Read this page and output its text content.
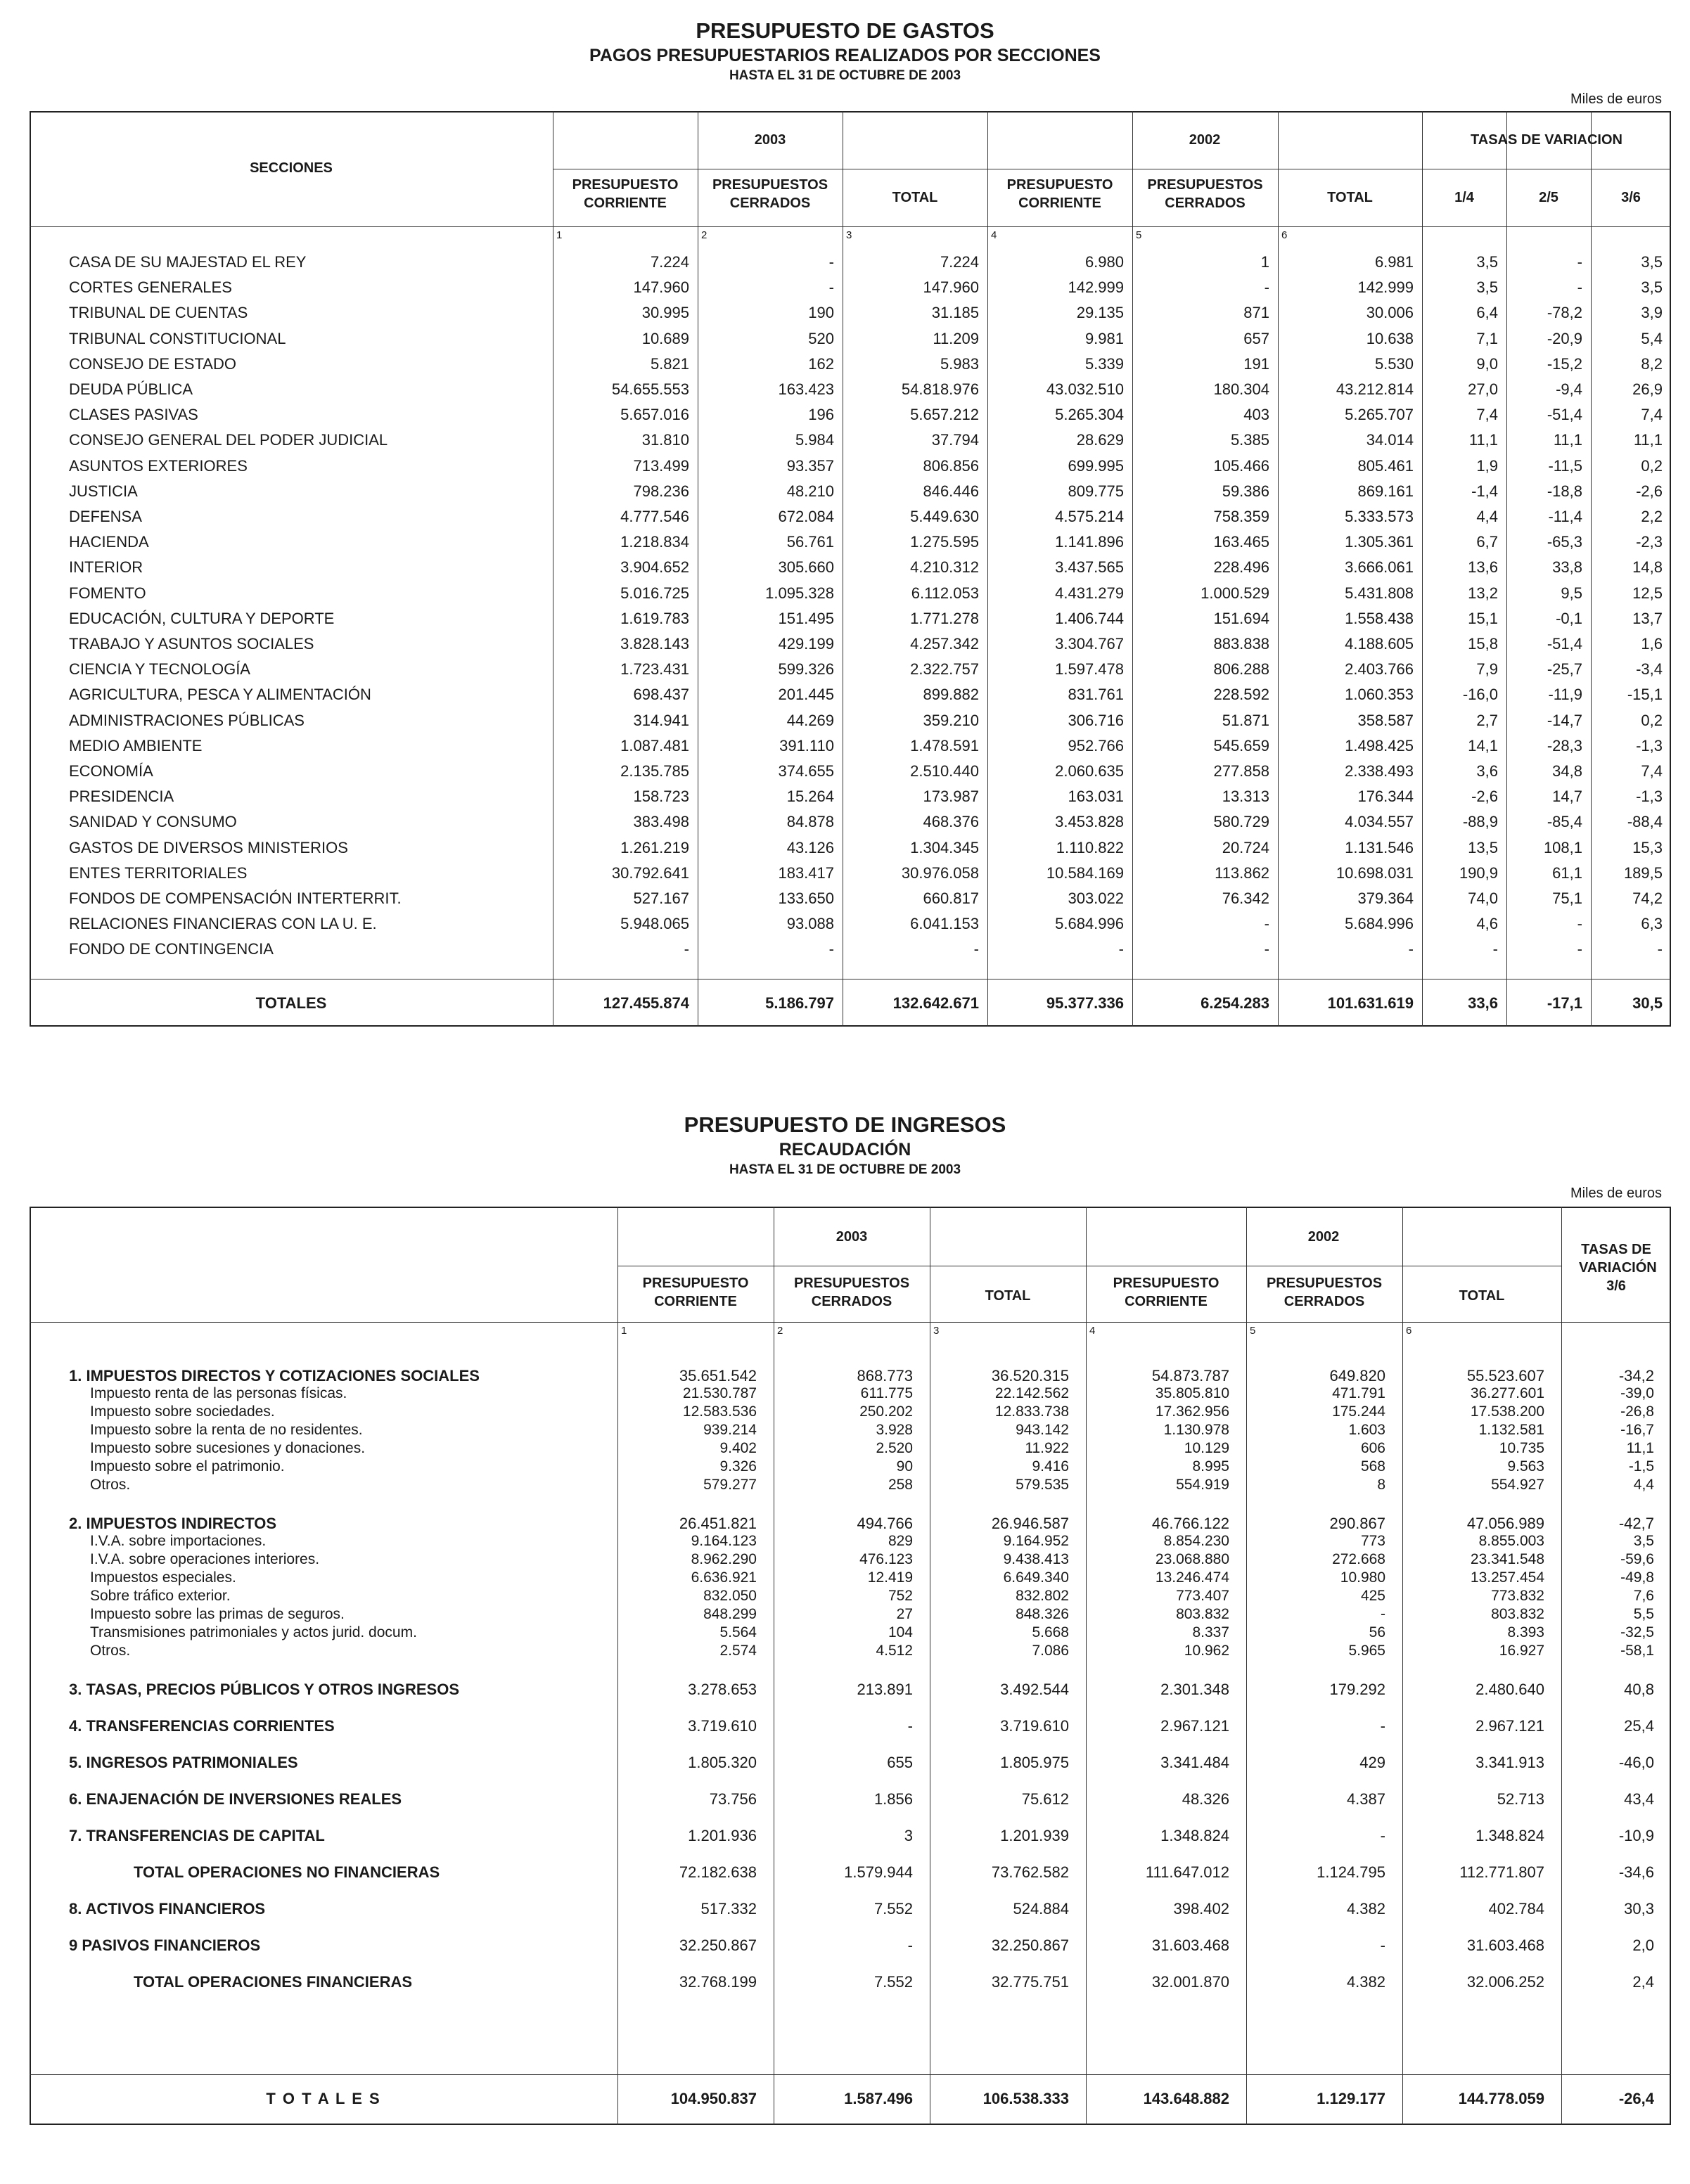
PRESUPUESTO DE GASTOS
PAGOS PRESUPUESTARIOS REALIZADOS POR SECCIONES
HASTA EL 31 DE OCTUBRE DE 2003
Miles de euros
SECCIONES
2003	2002	TASAS DE VARIACION
PRESUPUESTO CORRIENTE
PRESUPUESTOS CERRADOS	TOTAL
PRESUPUESTO CORRIENTE
PRESUPUESTOS CERRADOS	TOTAL	1/4	2/5	3/6
1	2	3	4	5	6
CASA DE SU MAJESTAD EL REY	7.224	-	7.224	6.980	1	6.981	3,5	-	3,5
CORTES GENERALES	147.960	-	147.960	142.999	-	142.999	3,5	-	3,5
TRIBUNAL DE CUENTAS	30.995	190	31.185	29.135	871	30.006	6,4	-78,2	3,9
TRIBUNAL CONSTITUCIONAL	10.689	520	11.209	9.981	657	10.638	7,1	-20,9	5,4
CONSEJO DE ESTADO	5.821	162	5.983	5.339	191	5.530	9,0	-15,2	8,2
DEUDA PÚBLICA	54.655.553	163.423	54.818.976	43.032.510	180.304	43.212.814	27,0	-9,4	26,9
CLASES PASIVAS	5.657.016	196	5.657.212	5.265.304	403	5.265.707	7,4	-51,4	7,4
CONSEJO GENERAL DEL PODER JUDICIAL	31.810	5.984	37.794	28.629	5.385	34.014	11,1	11,1	11,1
ASUNTOS EXTERIORES	713.499	93.357	806.856	699.995	105.466	805.461	1,9	-11,5	0,2
JUSTICIA	798.236	48.210	846.446	809.775	59.386	869.161	-1,4	-18,8	-2,6
DEFENSA	4.777.546	672.084	5.449.630	4.575.214	758.359	5.333.573	4,4	-11,4	2,2
HACIENDA	1.218.834	56.761	1.275.595	1.141.896	163.465	1.305.361	6,7	-65,3	-2,3
INTERIOR	3.904.652	305.660	4.210.312	3.437.565	228.496	3.666.061	13,6	33,8	14,8
FOMENTO	5.016.725	1.095.328	6.112.053	4.431.279	1.000.529	5.431.808	13,2	9,5	12,5
EDUCACIÓN, CULTURA Y DEPORTE	1.619.783	151.495	1.771.278	1.406.744	151.694	1.558.438	15,1	-0,1	13,7
TRABAJO Y ASUNTOS SOCIALES	3.828.143	429.199	4.257.342	3.304.767	883.838	4.188.605	15,8	-51,4	1,6
CIENCIA Y TECNOLOGÍA	1.723.431	599.326	2.322.757	1.597.478	806.288	2.403.766	7,9	-25,7	-3,4
AGRICULTURA, PESCA Y ALIMENTACIÓN	698.437	201.445	899.882	831.761	228.592	1.060.353	-16,0	-11,9	-15,1
ADMINISTRACIONES PÚBLICAS	314.941	44.269	359.210	306.716	51.871	358.587	2,7	-14,7	0,2
MEDIO AMBIENTE	1.087.481	391.110	1.478.591	952.766	545.659	1.498.425	14,1	-28,3	-1,3
ECONOMÍA	2.135.785	374.655	2.510.440	2.060.635	277.858	2.338.493	3,6	34,8	7,4
PRESIDENCIA	158.723	15.264	173.987	163.031	13.313	176.344	-2,6	14,7	-1,3
SANIDAD Y CONSUMO	383.498	84.878	468.376	3.453.828	580.729	4.034.557	-88,9	-85,4	-88,4
GASTOS DE DIVERSOS MINISTERIOS	1.261.219	43.126	1.304.345	1.110.822	20.724	1.131.546	13,5	108,1	15,3
ENTES TERRITORIALES	30.792.641	183.417	30.976.058	10.584.169	113.862	10.698.031	190,9	61,1	189,5
FONDOS DE COMPENSACIÓN INTERTERRIT.	527.167	133.650	660.817	303.022	76.342	379.364	74,0	75,1	74,2
RELACIONES FINANCIERAS CON LA U. E.	5.948.065	93.088	6.041.153	5.684.996	-	5.684.996	4,6	-	6,3
FONDO DE CONTINGENCIA	-	-	-	-	-	-	-	-	-
TOTALES	127.455.874	5.186.797	132.642.671	95.377.336	6.254.283	101.631.619	33,6	-17,1	30,5
PRESUPUESTO DE INGRESOS
RECAUDACIÓN
HASTA EL 31 DE OCTUBRE DE 2003
Miles de euros
2003	2002
TASAS DE VARIACIÓN 3/6
PRESUPUESTO CORRIENTE
PRESUPUESTOS CERRADOS	TOTAL
PRESUPUESTO CORRIENTE
PRESUPUESTOS CERRADOS	TOTAL
1	2	3	4	5	6
1. IMPUESTOS DIRECTOS Y COTIZACIONES SOCIALES	35.651.542	868.773	36.520.315	54.873.787	649.820	55.523.607	-34,2
Impuesto renta de las personas físicas.	21.530.787	611.775	22.142.562	35.805.810	471.791	36.277.601	-39,0
Impuesto sobre sociedades.	12.583.536	250.202	12.833.738	17.362.956	175.244	17.538.200	-26,8
Impuesto sobre la renta de no residentes.	939.214	3.928	943.142	1.130.978	1.603	1.132.581	-16,7
Impuesto sobre sucesiones y donaciones.	9.402	2.520	11.922	10.129	606	10.735	11,1
Impuesto sobre el patrimonio.	9.326	90	9.416	8.995	568	9.563	-1,5
Otros.	579.277	258	579.535	554.919	8	554.927	4,4
2. IMPUESTOS INDIRECTOS	26.451.821	494.766	26.946.587	46.766.122	290.867	47.056.989	-42,7
I.V.A. sobre importaciones.	9.164.123	829	9.164.952	8.854.230	773	8.855.003	3,5
I.V.A. sobre operaciones interiores.	8.962.290	476.123	9.438.413	23.068.880	272.668	23.341.548	-59,6
Impuestos especiales.	6.636.921	12.419	6.649.340	13.246.474	10.980	13.257.454	-49,8
Sobre tráfico exterior.	832.050	752	832.802	773.407	425	773.832	7,6
Impuesto sobre las primas de seguros.	848.299	27	848.326	803.832	-	803.832	5,5
Transmisiones patrimoniales y actos jurid. docum.	5.564	104	5.668	8.337	56	8.393	-32,5
Otros.	2.574	4.512	7.086	10.962	5.965	16.927	-58,1
3. TASAS, PRECIOS PÚBLICOS Y OTROS INGRESOS	3.278.653	213.891	3.492.544	2.301.348	179.292	2.480.640	40,8
4. TRANSFERENCIAS CORRIENTES	3.719.610	-	3.719.610	2.967.121	-	2.967.121	25,4
5. INGRESOS PATRIMONIALES	1.805.320	655	1.805.975	3.341.484	429	3.341.913	-46,0
6. ENAJENACIÓN DE INVERSIONES REALES	73.756	1.856	75.612	48.326	4.387	52.713	43,4
7. TRANSFERENCIAS DE CAPITAL	1.201.936	3	1.201.939	1.348.824	-	1.348.824	-10,9
TOTAL OPERACIONES NO FINANCIERAS	72.182.638	1.579.944	73.762.582	111.647.012	1.124.795	112.771.807	-34,6
8. ACTIVOS FINANCIEROS	517.332	7.552	524.884	398.402	4.382	402.784	30,3
9 PASIVOS FINANCIEROS	32.250.867	-	32.250.867	31.603.468	-	31.603.468	2,0
TOTAL OPERACIONES FINANCIERAS	32.768.199	7.552	32.775.751	32.001.870	4.382	32.006.252	2,4
T O T A L E S	104.950.837	1.587.496	106.538.333	143.648.882	1.129.177	144.778.059	-26,4
